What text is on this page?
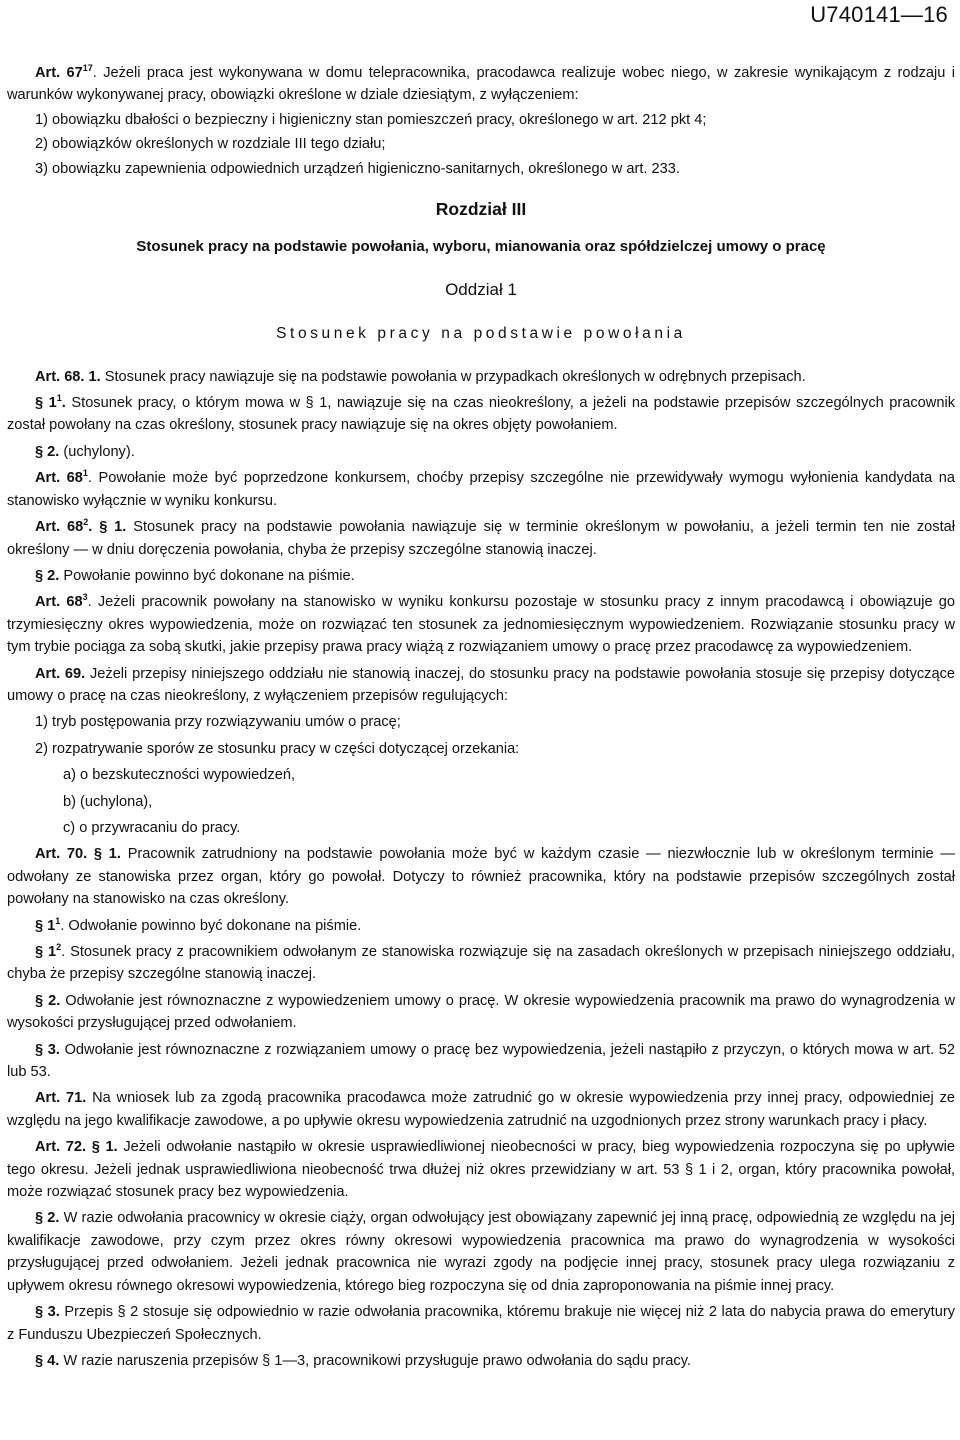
U740141—16

Art. $67^{17}$. Jeżeli praca jest wykonywana w domu telepracownika, pracodawca realizuje wobec niego, w zakresie wynikającym z rodzaju i warunków wykonywanej pracy, obowiązki określone w dziale dziesiątym, z wyłączeniem:

1) obowiązku dbałości o bezpieczny i higieniczny stan pomieszczeń pracy, określonego w art. 212 pkt 4;

2) obowiązków określonych w rozdziale III tego działu;

3) obowiązku zapewnienia odpowiednich urządzeń higieniczno-sanitarnych, określonego w art. 233.

Rozdział III
Stosunek pracy na podstawie powołania, wyboru, mianowania oraz spółdzielczej umowy o pracę
Oddział 1
Stosunek pracy na podstawie powołania

Art. 68. 1. Stosunek pracy nawiązuje się na podstawie powołania w przypadkach określonych w odrębnych przepisach.

§ $1^1$. Stosunek pracy, o którym mowa w § 1, nawiązuje się na czas nieokreślony, a jeżeli na podstawie przepisów szczególnych pracownik został powołany na czas określony, stosunek pracy nawiązuje się na okres objęty powołaniem.

§ 2. (uchylony).

Art. $68^1$. Powołanie może być poprzedzone konkursem, choćby przepisy szczególne nie przewidywały wymogu wyłonienia kandydata na stanowisko wyłącznie w wyniku konkursu.

Art. $68^2$. § 1. Stosunek pracy na podstawie powołania nawiązuje się w terminie określonym w powołaniu, a jeżeli termin ten nie został określony — w dniu doręczenia powołania, chyba że przepisy szczególne stanowią inaczej.

§ 2. Powołanie powinno być dokonane na piśmie.

Art. $68^3$. Jeżeli pracownik powołany na stanowisko w wyniku konkursu pozostaje w stosunku pracy z innym pracodawcą i obowiązuje go trzymiesięczny okres wypowiedzenia, może on rozwiązać ten stosunek za jednomiesięcznym wypowiedzeniem. Rozwiązanie stosunku pracy w tym trybie pociąga za sobą skutki, jakie przepisy prawa pracy wiążą z rozwiązaniem umowy o pracę przez pracodawcę za wypowiedzeniem.

Art. 69. Jeżeli przepisy niniejszego oddziału nie stanowią inaczej, do stosunku pracy na podstawie powołania stosuje się przepisy dotyczące umowy o pracę na czas nieokreślony, z wyłączeniem przepisów regulujących:

1) tryb postępowania przy rozwiązywaniu umów o pracę;

2) rozpatrywanie sporów ze stosunku pracy w części dotyczącej orzekania:

a) o bezskuteczności wypowiedzeń,

b) (uchylona),

c) o przywracaniu do pracy.

Art. 70. § 1. Pracownik zatrudniony na podstawie powołania może być w każdym czasie — niezwłocznie lub w określonym terminie — odwołany ze stanowiska przez organ, który go powołał. Dotyczy to również pracownika, który na podstawie przepisów szczególnych został powołany na stanowisko na czas określony.

§ $1^1$. Odwołanie powinno być dokonane na piśmie.

§ $1^2$. Stosunek pracy z pracownikiem odwołanym ze stanowiska rozwiązuje się na zasadach określonych w przepisach niniejszego oddziału, chyba że przepisy szczególne stanowią inaczej.

§ 2. Odwołanie jest równoznaczne z wypowiedzeniem umowy o pracę. W okresie wypowiedzenia pracownik ma prawo do wynagrodzenia w wysokości przysługującej przed odwołaniem.

§ 3. Odwołanie jest równoznaczne z rozwiązaniem umowy o pracę bez wypowiedzenia, jeżeli nastąpiło z przyczyn, o których mowa w art. 52 lub 53.

Art. 71. Na wniosek lub za zgodą pracownika pracodawca może zatrudnić go w okresie wypowiedzenia przy innej pracy, odpowiedniej ze względu na jego kwalifikacje zawodowe, a po upływie okresu wypowiedzenia zatrudnić na uzgodnionych przez strony warunkach pracy i płacy.

Art. 72. § 1. Jeżeli odwołanie nastąpiło w okresie usprawiedliwionej nieobecności w pracy, bieg wypowiedzenia rozpoczyna się po upływie tego okresu. Jeżeli jednak usprawiedliwiona nieobecność trwa dłużej niż okres przewidziany w art. 53 § 1 i 2, organ, który pracownika powołał, może rozwiązać stosunek pracy bez wypowiedzenia.

§ 2. W razie odwołania pracownicy w okresie ciąży, organ odwołujący jest obowiązany zapewnić jej inną pracę, odpowiednią ze względu na jej kwalifikacje zawodowe, przy czym przez okres równy okresowi wypowiedzenia pracownica ma prawo do wynagrodzenia w wysokości przysługującej przed odwołaniem. Jeżeli jednak pracownica nie wyrazi zgody na podjęcie innej pracy, stosunek pracy ulega rozwiązaniu z upływem okresu równego okresowi wypowiedzenia, którego bieg rozpoczyna się od dnia zaproponowania na piśmie innej pracy.

§ 3. Przepis § 2 stosuje się odpowiednio w razie odwołania pracownika, któremu brakuje nie więcej niż 2 lata do nabycia prawa do emerytury z Funduszu Ubezpieczeń Społecznych.

§ 4. W razie naruszenia przepisów § 1—3, pracownikowi przysługuje prawo odwołania do sądu pracy.
